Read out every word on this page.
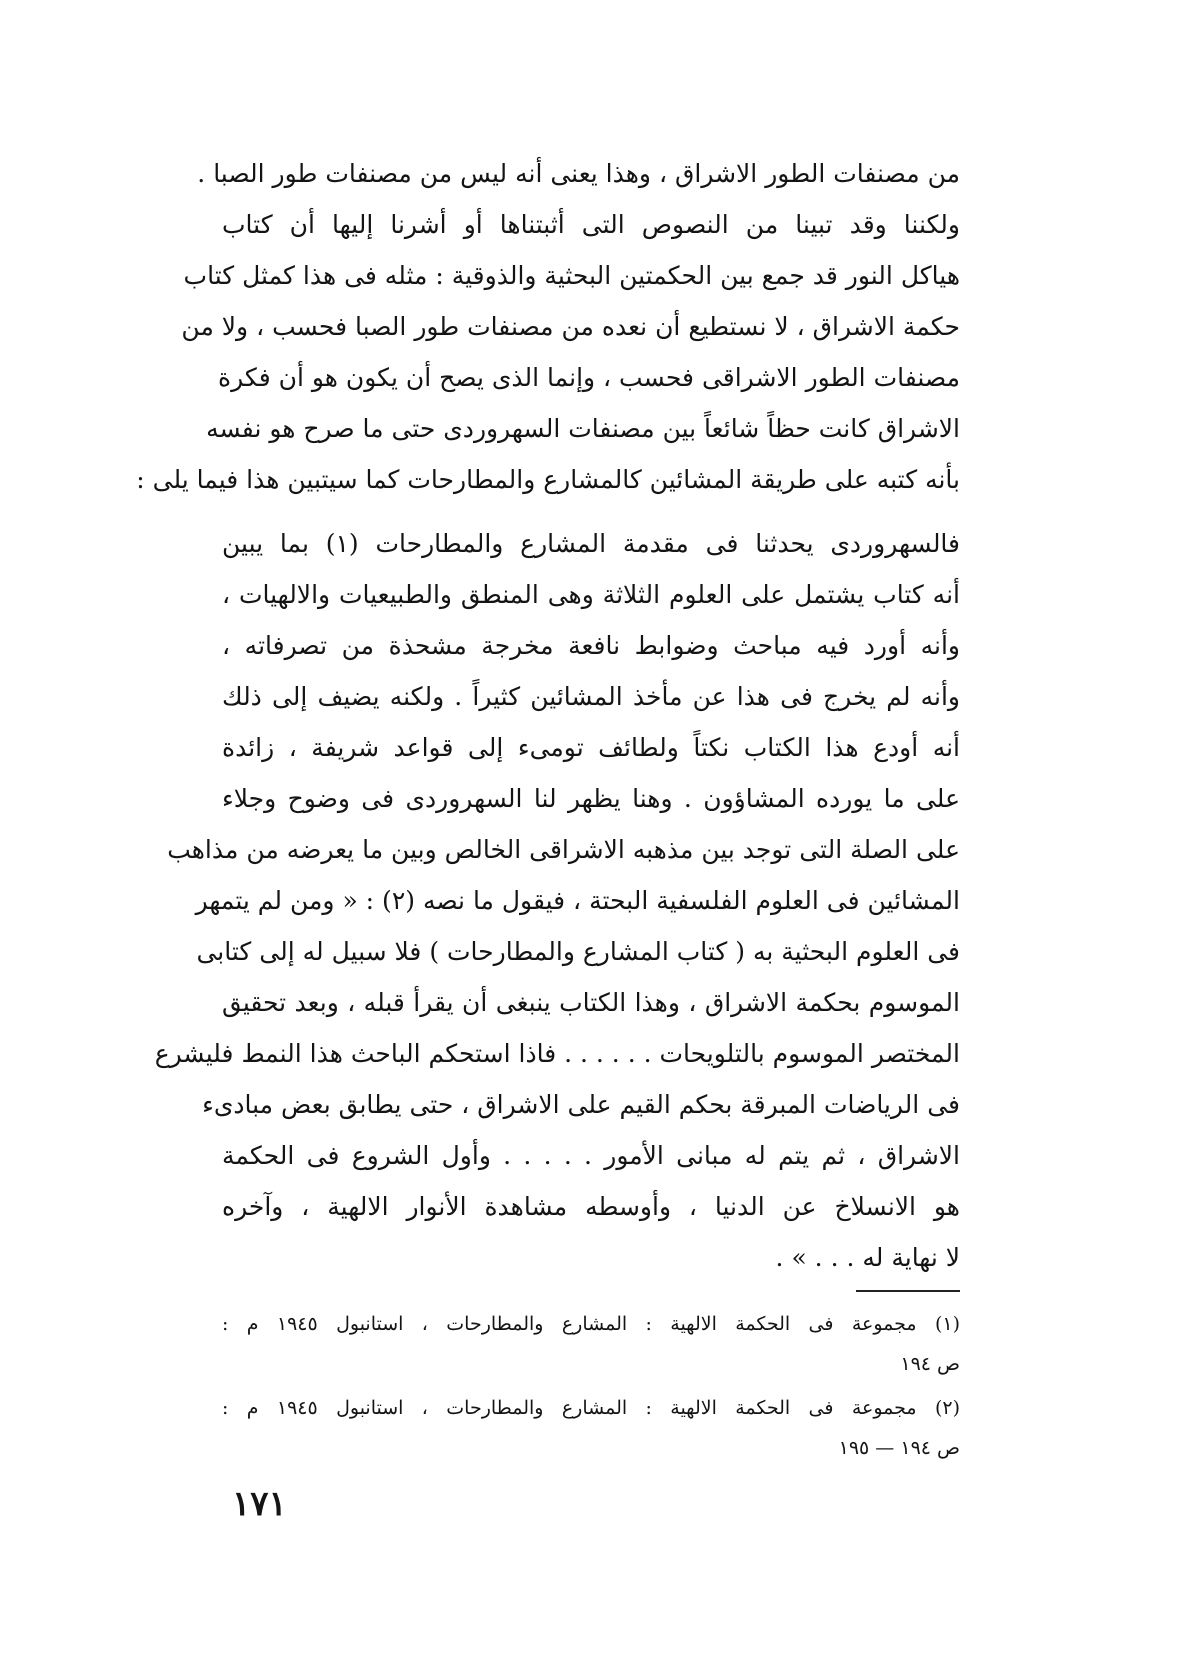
من مصنفات الطور الاشراق ، وهذا يعنى أنه ليس من مصنفات طور الصبا .
ولكننا وقد تبينا من النصوص التى أثبتناها أو أشرنا إليها أن كتاب
هياكل النور قد جمع بين الحكمتين البحثية والذوقية : مثله فى هذا كمثل كتاب
حكمة الاشراق ، لا نستطيع أن نعده من مصنفات طور الصبا فحسب ، ولا من
مصنفات الطور الاشراقى فحسب ، وإنما الذى يصح أن يكون هو أن فكرة
الاشراق كانت حظاً شائعاً بين مصنفات السهروردى حتى ما صرح هو نفسه
بأنه كتبه على طريقة المشائين كالمشارع والمطارحات كما سيتبين هذا فيما يلى :
فالسهروردى يحدثنا فى مقدمة المشارع والمطارحات (١) بما يبين
أنه كتاب يشتمل على العلوم الثلاثة وهى المنطق والطبيعيات والالهيات ،
وأنه أورد فيه مباحث وضوابط نافعة مخرجة مشحذة من تصرفاته ،
وأنه لم يخرج فى هذا عن مأخذ المشائين كثيراً . ولكنه يضيف إلى ذلك
أنه أودع هذا الكتاب نكتاً ولطائف تومىء إلى قواعد شريفة ، زائدة
على ما يورده المشاؤون . وهنا يظهر لنا السهروردى فى وضوح وجلاء
على الصلة التى توجد بين مذهبه الاشراقى الخالص وبين ما يعرضه من مذاهب
المشائين فى العلوم الفلسفية البحتة ، فيقول ما نصه (٢) : « ومن لم يتمهر
فى العلوم البحثية به ( كتاب المشارع والمطارحات ) فلا سبيل له إلى كتابى
الموسوم بحكمة الاشراق ، وهذا الكتاب ينبغى أن يقرأ قبله ، وبعد تحقيق
المختصر الموسوم بالتلويحات . . . . . . فاذا استحكم الباحث هذا النمط فليشرع
فى الرياضات المبرقة بحكم القيم على الاشراق ، حتى يطابق بعض مبادىء
الاشراق ، ثم يتم له مبانى الأمور . . . . . وأول الشروع فى الحكمة
هو الانسلاخ عن الدنيا ، وأوسطه مشاهدة الأنوار الالهية ، وآخره
لا نهاية له . . . » .
(١) مجموعة فى الحكمة الالهية : المشارع والمطارحات ، استانبول ١٩٤٥ م :
ص ١٩٤
(٢) مجموعة فى الحكمة الالهية : المشارع والمطارحات ، استانبول ١٩٤٥ م :
ص ١٩٤ — ١٩٥
١٧١
